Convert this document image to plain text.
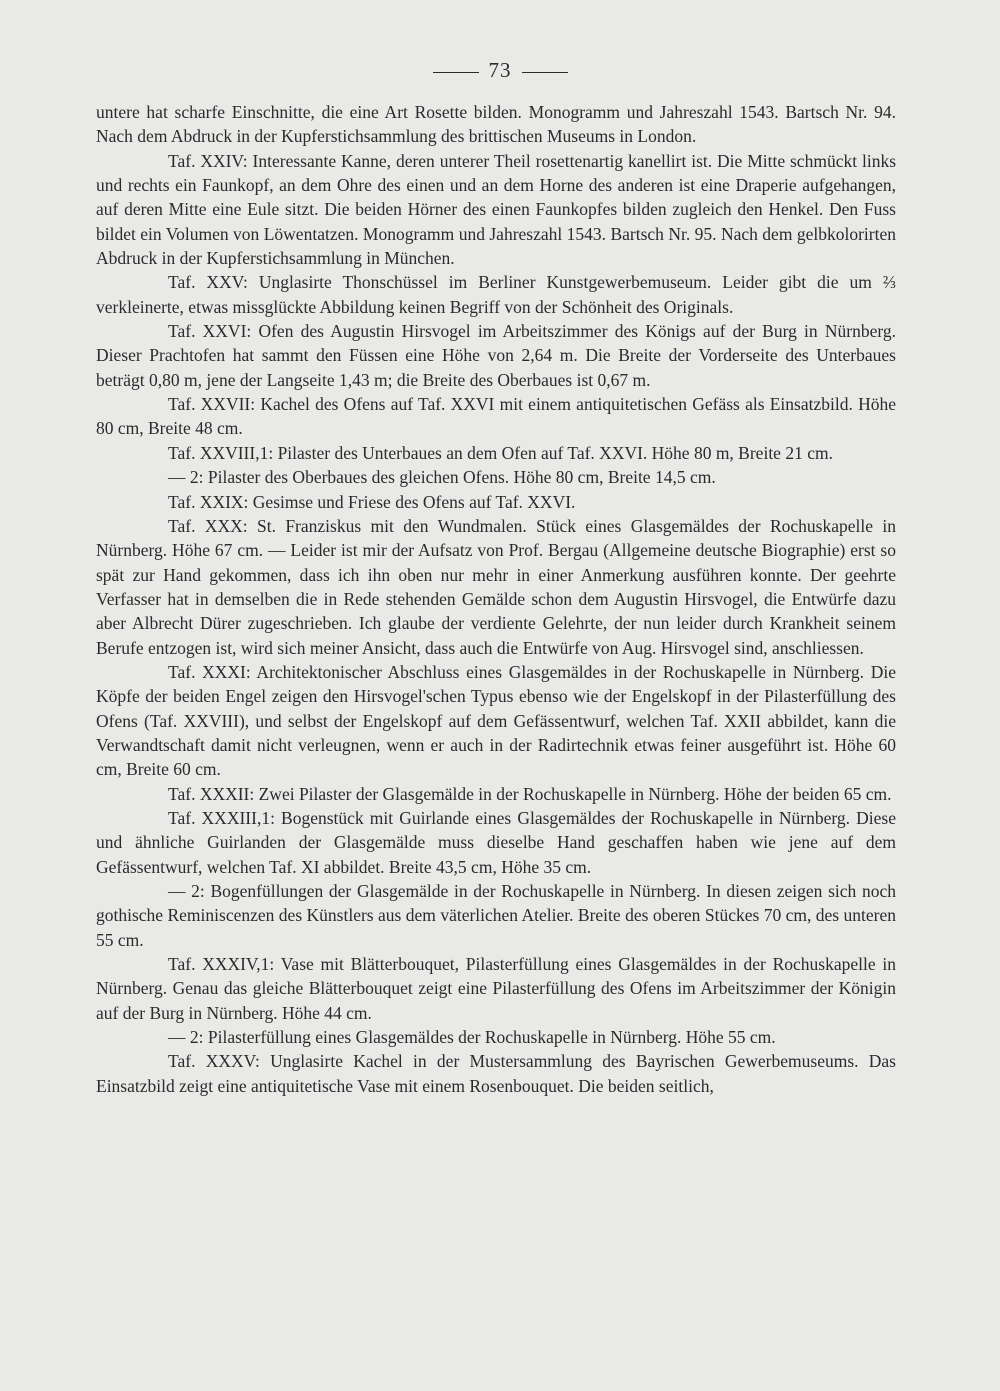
73

untere hat scharfe Einschnitte, die eine Art Rosette bilden. Monogramm und Jahreszahl 1543. Bartsch Nr. 94. Nach dem Abdruck in der Kupferstichsammlung des brittischen Museums in London.

Taf. XXIV: Interessante Kanne, deren unterer Theil rosettenartig kanellirt ist. Die Mitte schmückt links und rechts ein Faunkopf, an dem Ohre des einen und an dem Horne des anderen ist eine Draperie aufgehangen, auf deren Mitte eine Eule sitzt. Die beiden Hörner des einen Faunkopfes bilden zugleich den Henkel. Den Fuss bildet ein Volumen von Löwentatzen. Monogramm und Jahreszahl 1543. Bartsch Nr. 95. Nach dem gelbkolorirten Abdruck in der Kupferstichsammlung in München.

Taf. XXV: Unglasirte Thonschüssel im Berliner Kunstgewerbemuseum. Leider gibt die um ⅔ verkleinerte, etwas missglückte Abbildung keinen Begriff von der Schönheit des Originals.

Taf. XXVI: Ofen des Augustin Hirsvogel im Arbeitszimmer des Königs auf der Burg in Nürnberg. Dieser Prachtofen hat sammt den Füssen eine Höhe von 2,64 m. Die Breite der Vorderseite des Unterbaues beträgt 0,80 m, jene der Langseite 1,43 m; die Breite des Oberbaues ist 0,67 m.

Taf. XXVII: Kachel des Ofens auf Taf. XXVI mit einem antiquitetischen Gefäss als Einsatzbild. Höhe 80 cm, Breite 48 cm.

Taf. XXVIII,1: Pilaster des Unterbaues an dem Ofen auf Taf. XXVI. Höhe 80 m, Breite 21 cm.

— 2: Pilaster des Oberbaues des gleichen Ofens. Höhe 80 cm, Breite 14,5 cm.

Taf. XXIX: Gesimse und Friese des Ofens auf Taf. XXVI.

Taf. XXX: St. Franziskus mit den Wundmalen. Stück eines Glasgemäldes der Rochuskapelle in Nürnberg. Höhe 67 cm. — Leider ist mir der Aufsatz von Prof. Bergau (Allgemeine deutsche Biographie) erst so spät zur Hand gekommen, dass ich ihn oben nur mehr in einer Anmerkung ausführen konnte. Der geehrte Verfasser hat in demselben die in Rede stehenden Gemälde schon dem Augustin Hirsvogel, die Entwürfe dazu aber Albrecht Dürer zugeschrieben. Ich glaube der verdiente Gelehrte, der nun leider durch Krankheit seinem Berufe entzogen ist, wird sich meiner Ansicht, dass auch die Entwürfe von Aug. Hirsvogel sind, anschliessen.

Taf. XXXI: Architektonischer Abschluss eines Glasgemäldes in der Rochuskapelle in Nürnberg. Die Köpfe der beiden Engel zeigen den Hirsvogel'schen Typus ebenso wie der Engelskopf in der Pilasterfüllung des Ofens (Taf. XXVIII), und selbst der Engelskopf auf dem Gefässentwurf, welchen Taf. XXII abbildet, kann die Verwandtschaft damit nicht verleugnen, wenn er auch in der Radirtechnik etwas feiner ausgeführt ist. Höhe 60 cm, Breite 60 cm.

Taf. XXXII: Zwei Pilaster der Glasgemälde in der Rochuskapelle in Nürnberg. Höhe der beiden 65 cm.

Taf. XXXIII,1: Bogenstück mit Guirlande eines Glasgemäldes der Rochuskapelle in Nürnberg. Diese und ähnliche Guirlanden der Glasgemälde muss dieselbe Hand geschaffen haben wie jene auf dem Gefässentwurf, welchen Taf. XI abbildet. Breite 43,5 cm, Höhe 35 cm.

— 2: Bogenfüllungen der Glasgemälde in der Rochuskapelle in Nürnberg. In diesen zeigen sich noch gothische Reminiscenzen des Künstlers aus dem väterlichen Atelier. Breite des oberen Stückes 70 cm, des unteren 55 cm.

Taf. XXXIV,1: Vase mit Blätterbouquet, Pilasterfüllung eines Glasgemäldes in der Rochuskapelle in Nürnberg. Genau das gleiche Blätterbouquet zeigt eine Pilasterfüllung des Ofens im Arbeitszimmer der Königin auf der Burg in Nürnberg. Höhe 44 cm.

— 2: Pilasterfüllung eines Glasgemäldes der Rochuskapelle in Nürnberg. Höhe 55 cm.

Taf. XXXV: Unglasirte Kachel in der Mustersammlung des Bayrischen Gewerbemuseums. Das Einsatzbild zeigt eine antiquitetische Vase mit einem Rosenbouquet. Die beiden seitlich,
